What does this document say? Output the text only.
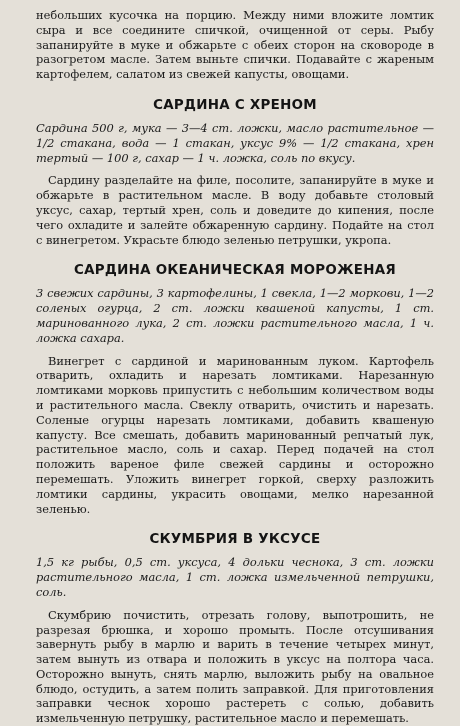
небольших кусочка на порцию. Между ними вложите ломтик сыра и все соедините спичкой, очищенной от серы. Рыбу запанируйте в муке и обжарьте с обеих сторон на сковороде в разогретом масле. Затем выньте спички. Подавайте с жареным картофелем, салатом из свежей капусты, овощами.

САРДИНА С ХРЕНОМ

Сардина 500 г, мука — 3—4 ст. ложки, масло растительное — 1/2 стакана, вода — 1 стакан, уксус 9% — 1/2 стакана, хрен тертый — 100 г, сахар — 1 ч. ложка, соль по вкусу.

Сардину разделайте на филе, посолите, запанируйте в муке и обжарьте в растительном масле. В воду добавьте столовый уксус, сахар, тертый хрен, соль и доведите до кипения, после чего охладите и залейте обжаренную сардину. Подайте на стол с винегретом. Украсьте блюдо зеленью петрушки, укропа.

САРДИНА ОКЕАНИЧЕСКАЯ МОРОЖЕНАЯ

3 свежих сардины, 3 картофелины, 1 свекла, 1—2 моркови, 1—2 соленых огурца, 2 ст. ложки квашеной капусты, 1 ст. маринованного лука, 2 ст. ложки растительного масла, 1 ч. ложка сахара.

Винегрет с сардиной и маринованным луком. Картофель отварить, охладить и нарезать ломтиками. Нарезанную ломтиками морковь припустить с небольшим количеством воды и растительного масла. Свеклу отварить, очистить и нарезать. Соленые огурцы нарезать ломтиками, добавить квашеную капусту. Все смешать, добавить маринованный репчатый лук, растительное масло, соль и сахар. Перед подачей на стол положить вареное филе свежей сардины и осторожно перемешать. Уложить винегрет горкой, сверху разложить ломтики сардины, украсить овощами, мелко нарезанной зеленью.

СКУМБРИЯ В УКСУСЕ

1,5 кг рыбы, 0,5 ст. уксуса, 4 дольки чеснока, 3 ст. ложки растительного масла, 1 ст. ложка измельченной петрушки, соль.

Скумбрию почистить, отрезать голову, выпотрошить, не разрезая брюшка, и хорошо промыть. После отсушивания завернуть рыбу в марлю и варить в течение четырех минут, затем вынуть из отвара и положить в уксус на полтора часа. Осторожно вынуть, снять марлю, выложить рыбу на овальное блюдо, остудить, а затем полить заправкой. Для приготовления заправки чеснок хорошо растереть с солью, добавить измельченную петрушку, растительное масло и перемешать.
